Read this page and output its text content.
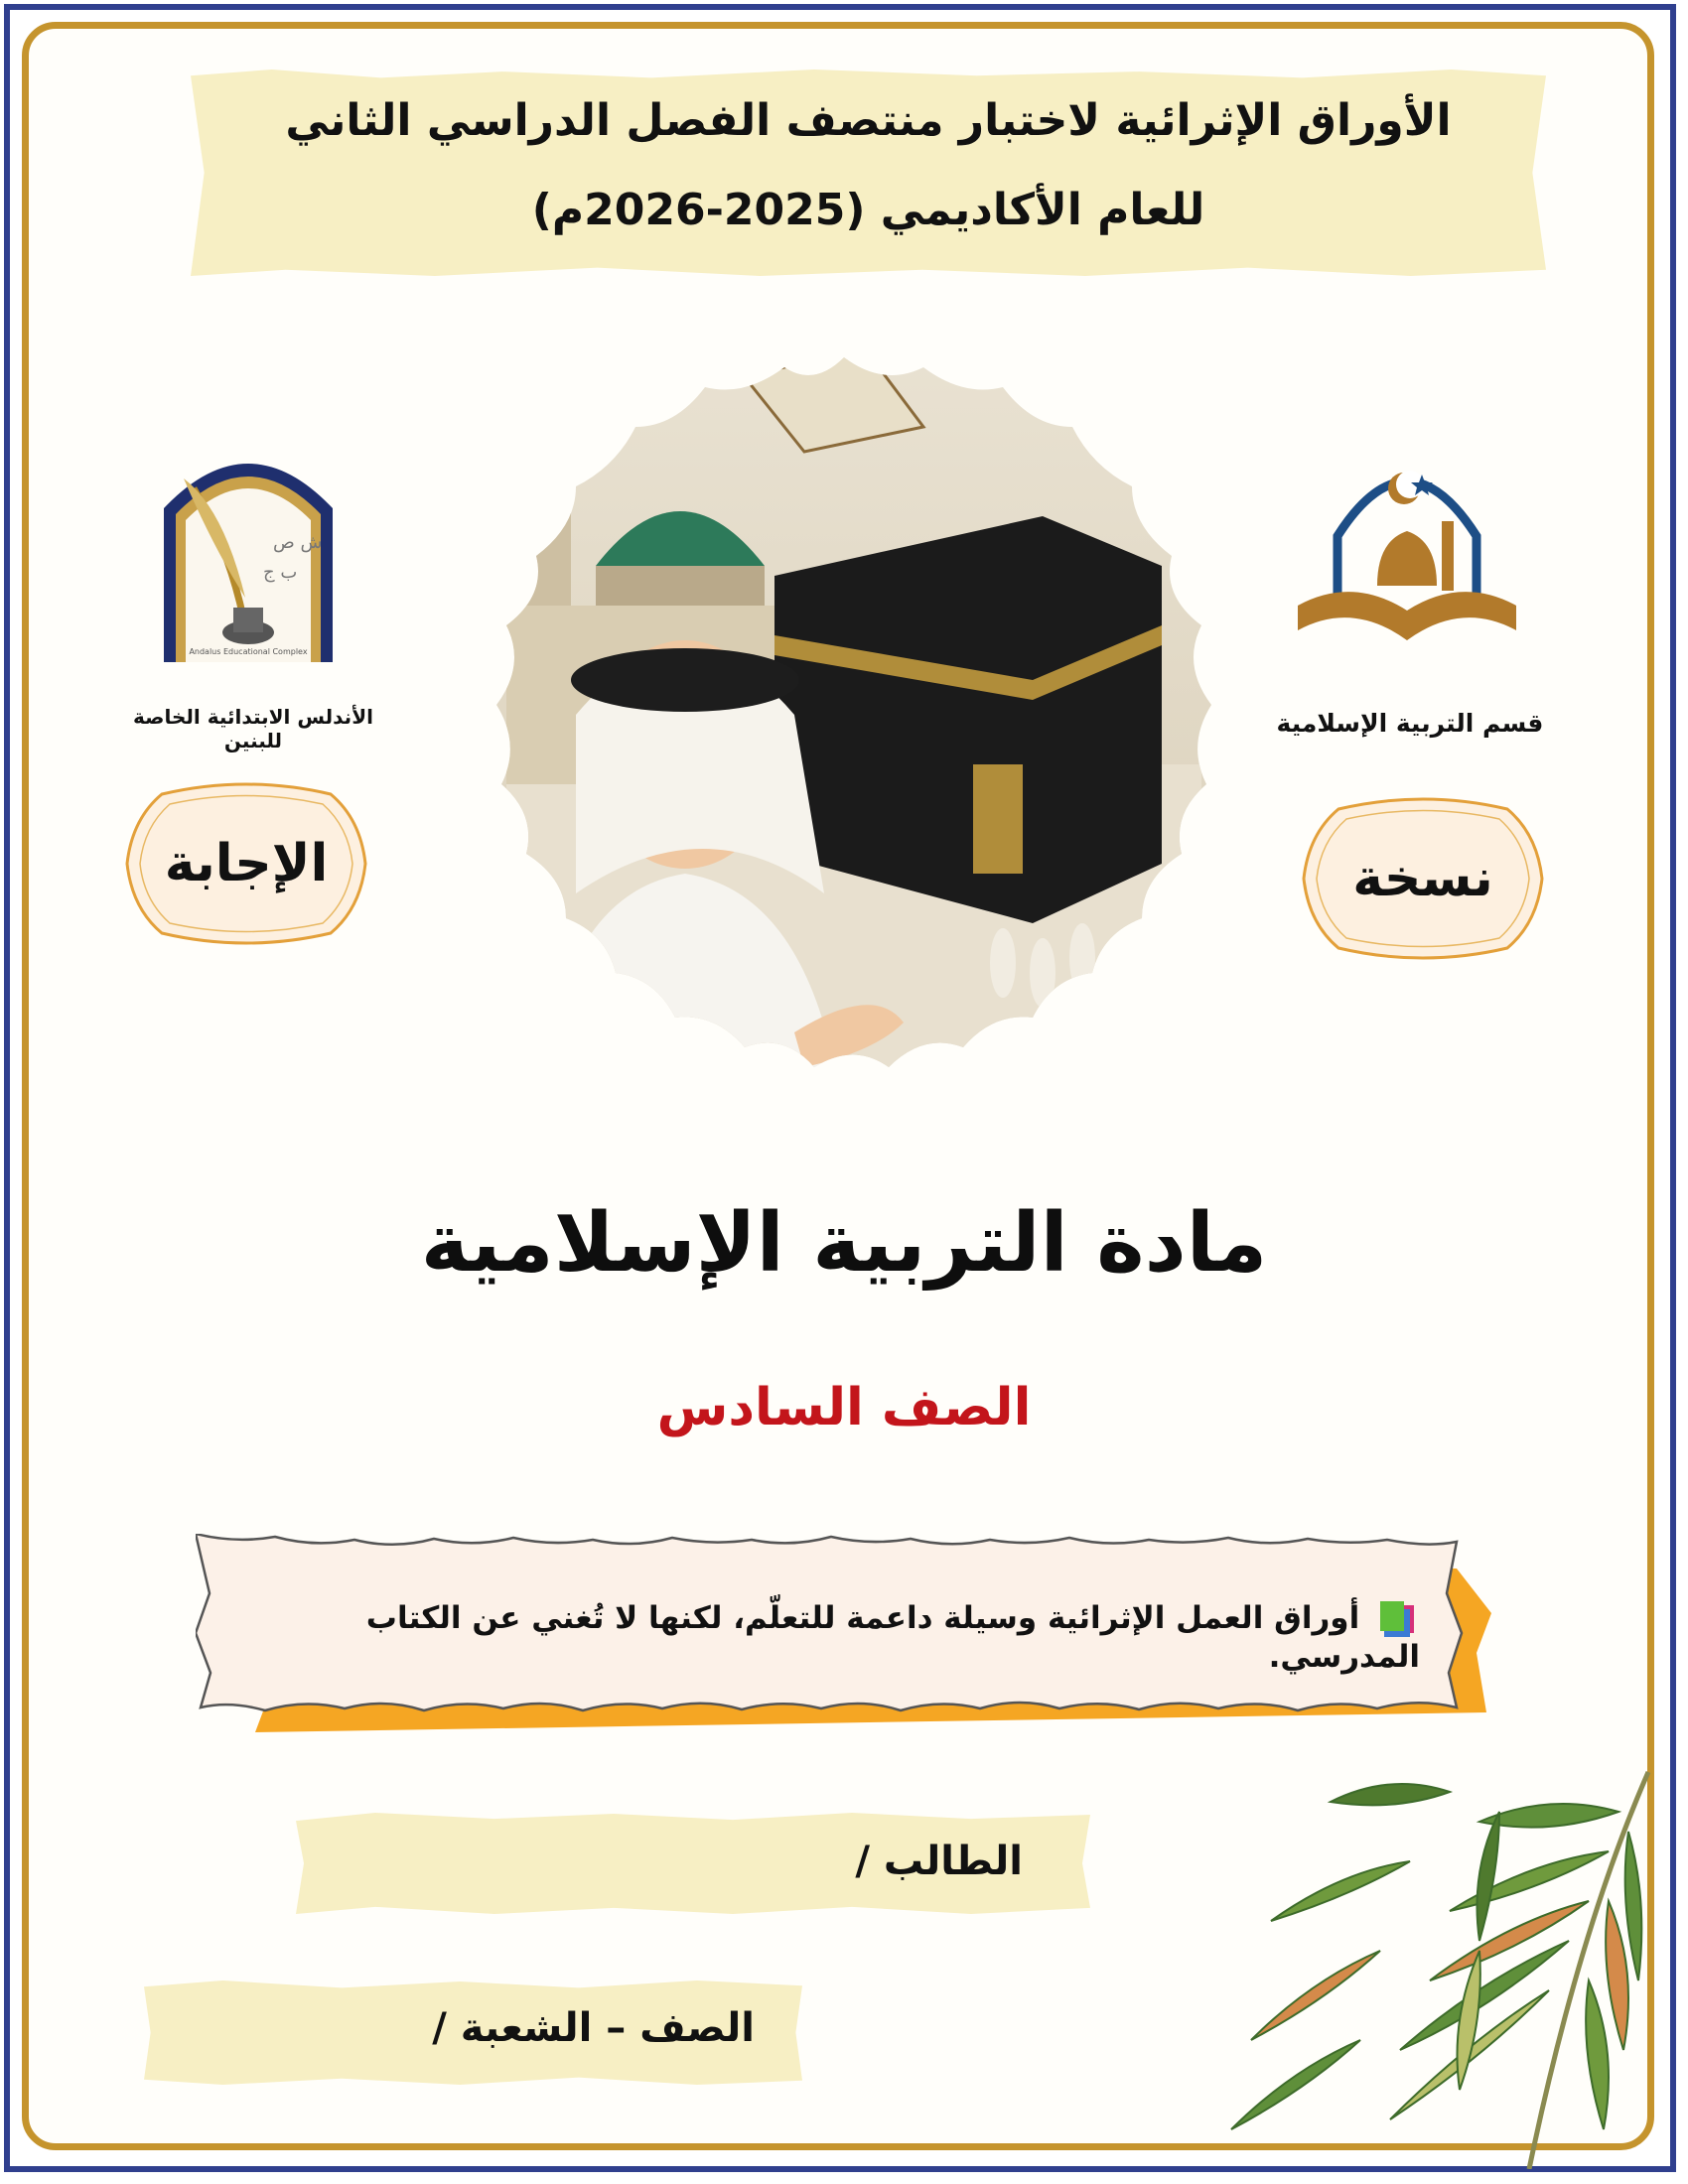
الأوراق الإثرائية لاختبار منتصف الفصل الدراسي الثاني
للعام الأكاديمي (2025-2026م)
ش ص
ب ج
Andalus Educational Complex
الأندلس الابتدائية الخاصة للبنين
قسم التربية الإسلامية
الإجابة	نسخة
مادة التربية الإسلامية
الصف السادس
أوراق العمل الإثرائية وسيلة داعمة للتعلّم، لكنها لا تُغني عن الكتاب المدرسي.
الطالب /
الصف – الشعبة /
